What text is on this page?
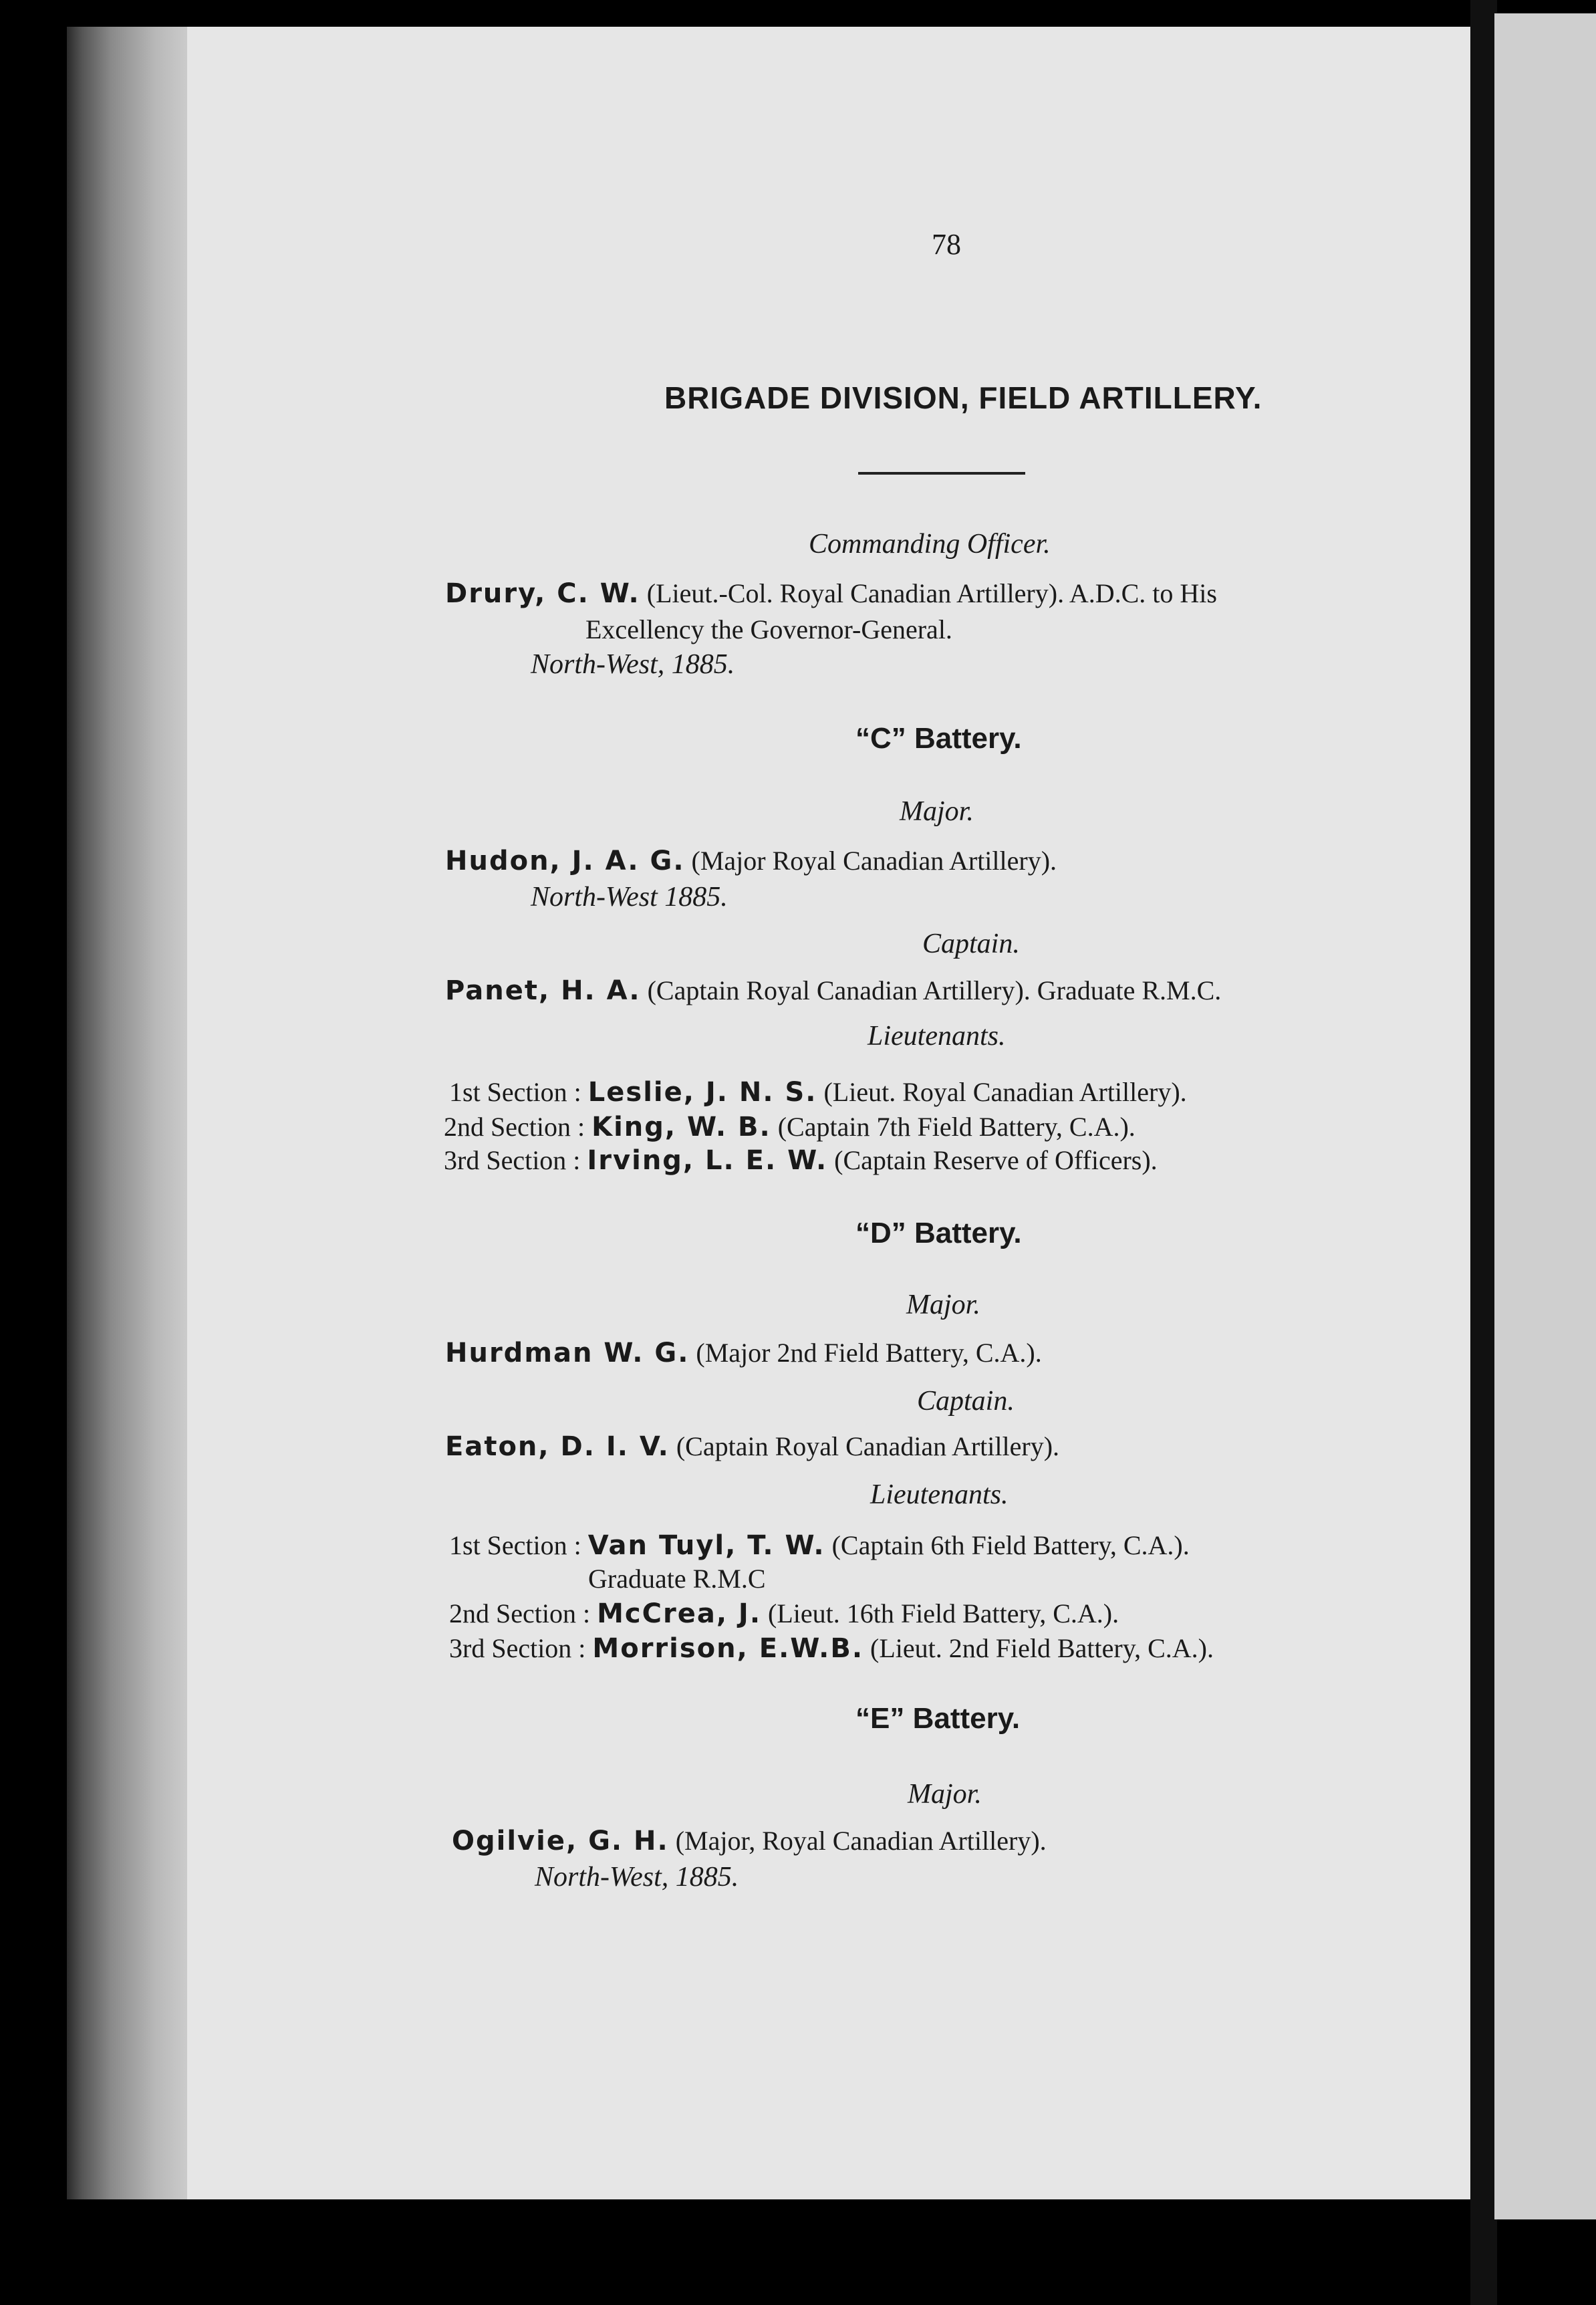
78
BRIGADE DIVISION, FIELD ARTILLERY.
Commanding Officer.
Drury, C. W. (Lieut.-Col. Royal Canadian Artillery). A.D.C. to His
Excellency the Governor-General.
North-West, 1885.
“C” Battery.
Major.
Hudon, J. A. G. (Major Royal Canadian Artillery).
North-West 1885.
Captain.
Panet, H. A. (Captain Royal Canadian Artillery). Graduate R.M.C.
Lieutenants.
1st Section : Leslie, J. N. S. (Lieut. Royal Canadian Artillery).
2nd Section : King, W. B. (Captain 7th Field Battery, C.A.).
3rd Section : Irving, L. E. W. (Captain Reserve of Officers).
“D” Battery.
Major.
Hurdman W. G. (Major 2nd Field Battery, C.A.).
Captain.
Eaton, D. I. V. (Captain Royal Canadian Artillery).
Lieutenants.
1st Section : Van Tuyl, T. W. (Captain 6th Field Battery, C.A.).
Graduate R.M.C
2nd Section : McCrea, J. (Lieut. 16th Field Battery, C.A.).
3rd Section : Morrison, E.W.B. (Lieut. 2nd Field Battery, C.A.).
“E” Battery.
Major.
Ogilvie, G. H. (Major, Royal Canadian Artillery).
North-West, 1885.
